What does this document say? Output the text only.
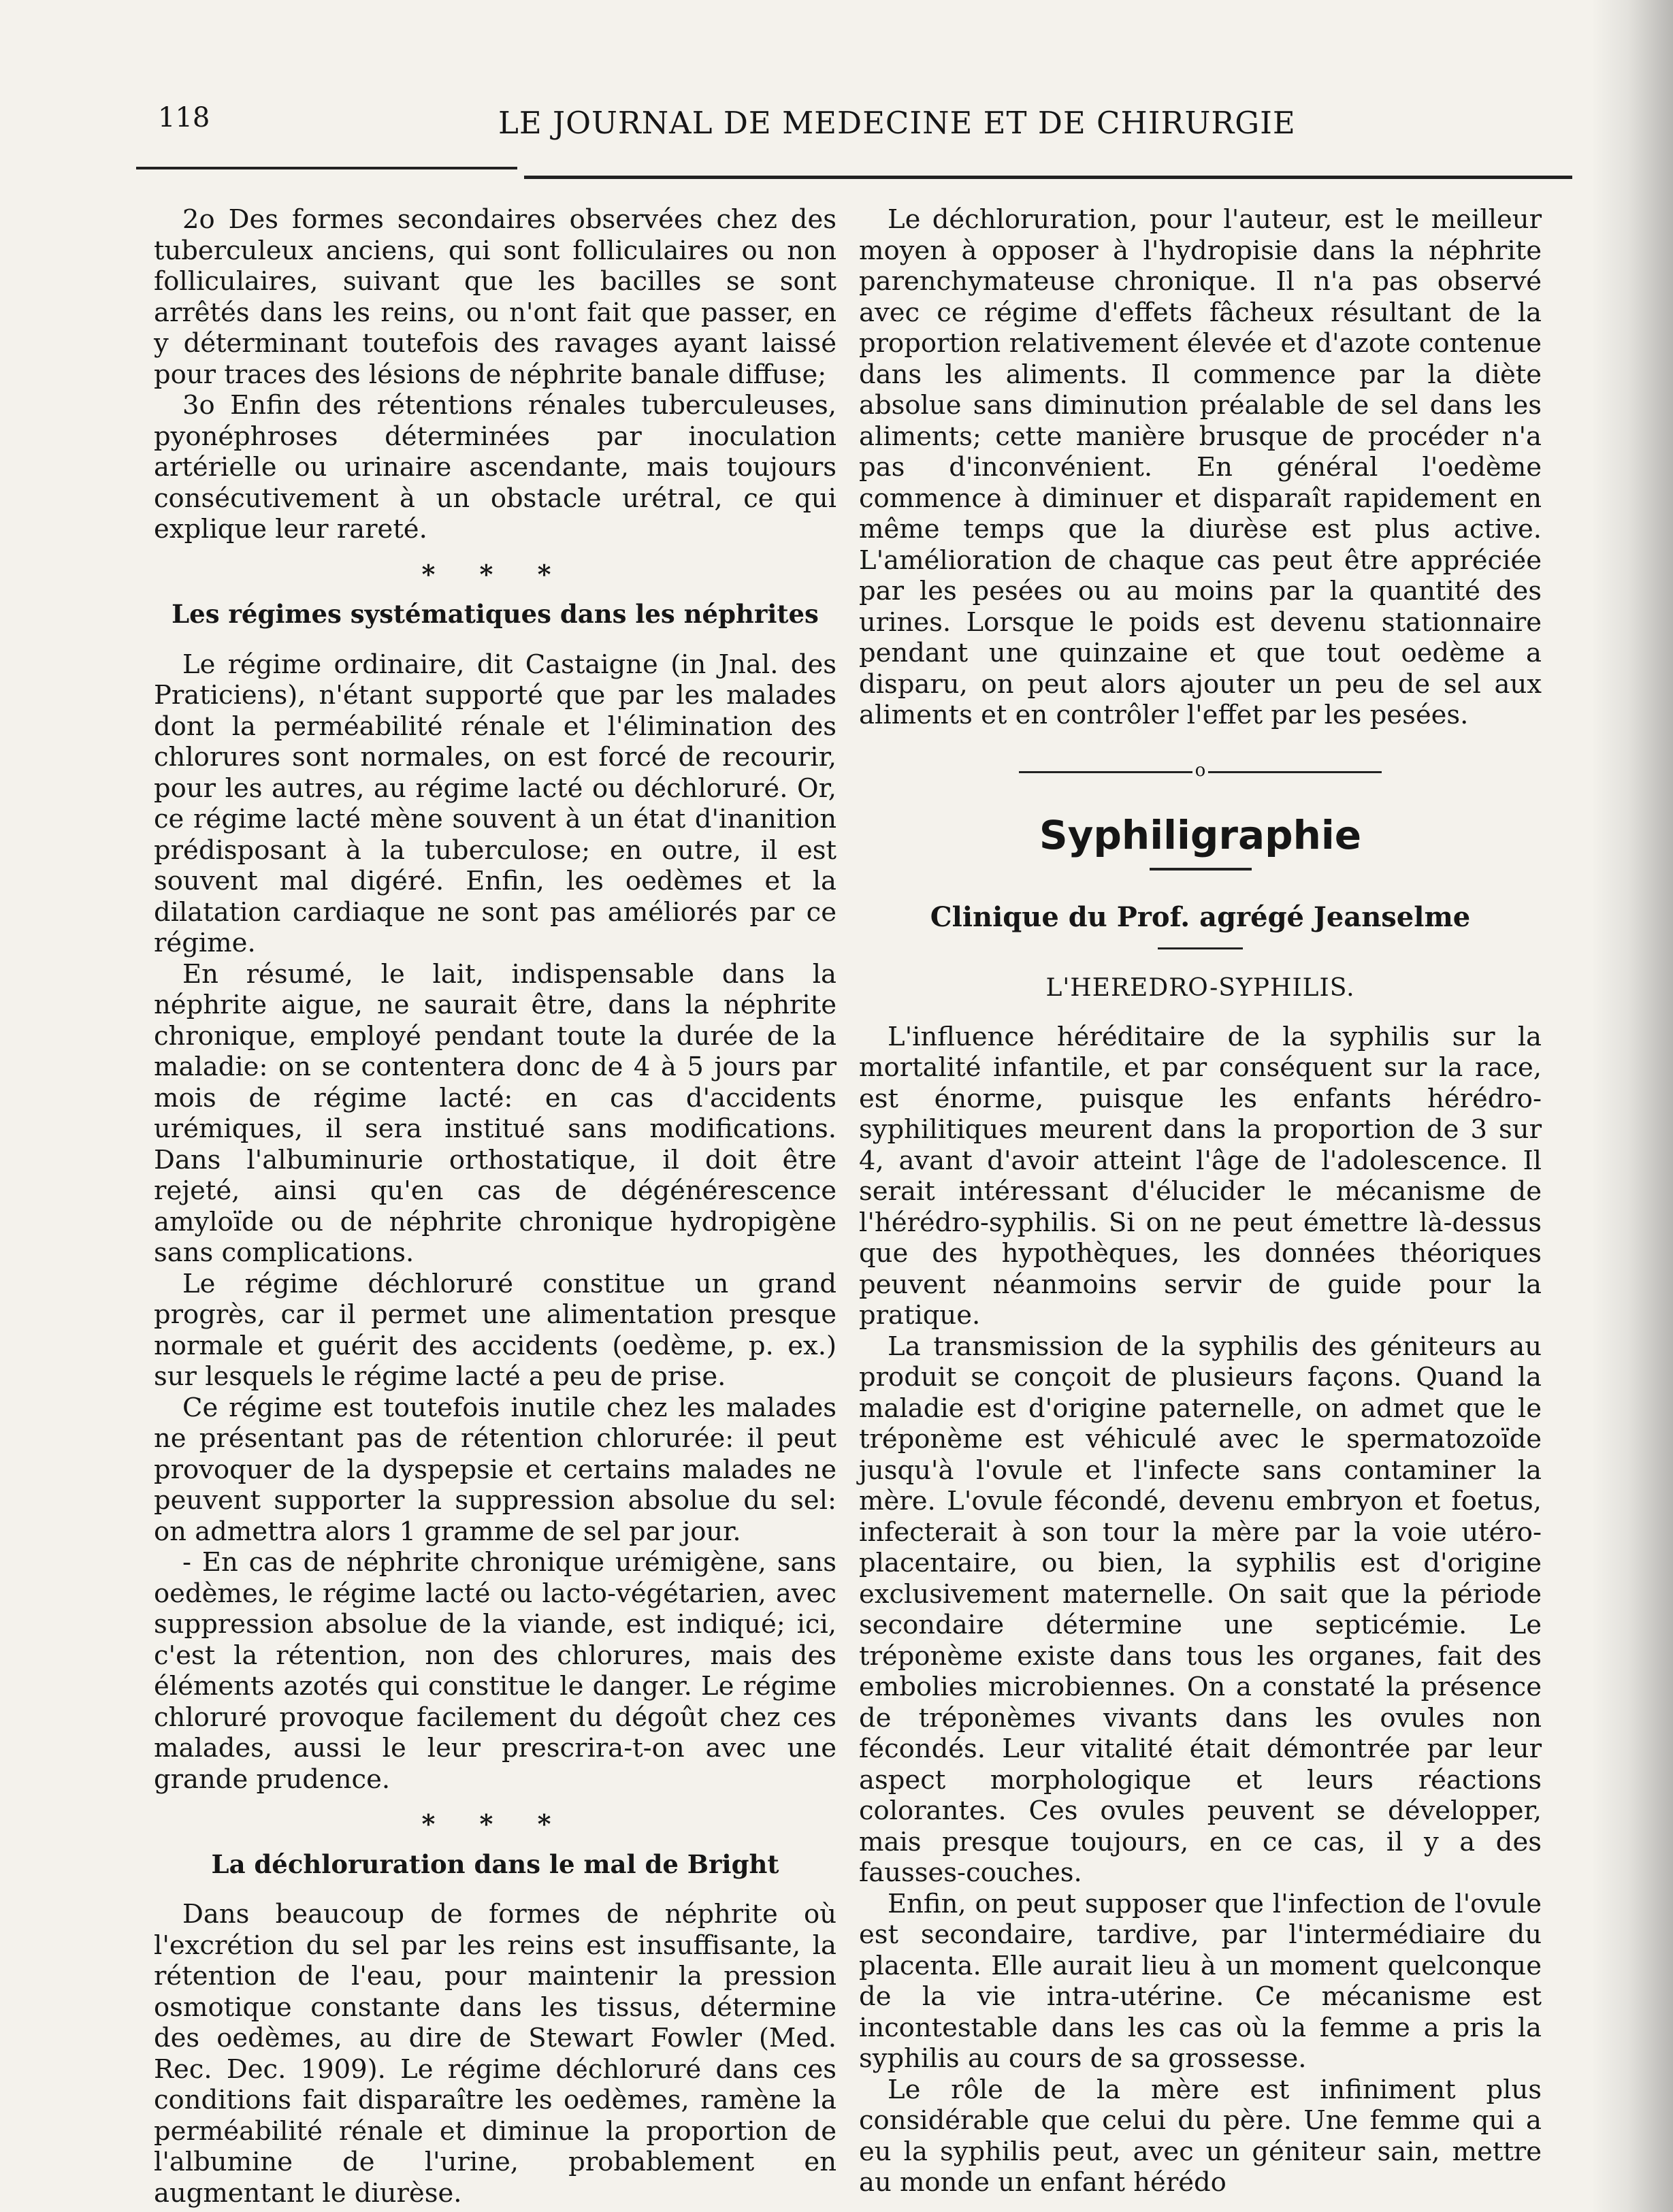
118	LE JOURNAL DE MEDECINE ET DE CHIRURGIE

2o Des formes secondaires observées chez des tuberculeux anciens, qui sont folliculaires ou non folliculaires, suivant que les bacilles se sont arrêtés dans les reins, ou n'ont fait que passer, en y déterminant toutefois des ravages ayant laissé pour traces des lésions de néphrite banale diffuse;

3o Enfin des rétentions rénales tuberculeuses, pyonéphroses déterminées par inoculation artérielle ou urinaire ascendante, mais toujours consécutivement à un obstacle urétral, ce qui explique leur rareté.

* * *
Les régimes systématiques dans les néphrites

Le régime ordinaire, dit Castaigne (in Jnal. des Praticiens), n'étant supporté que par les malades dont la perméabilité rénale et l'élimination des chlorures sont normales, on est forcé de recourir, pour les autres, au régime lacté ou déchloruré. Or, ce régime lacté mène souvent à un état d'inanition prédisposant à la tuberculose; en outre, il est souvent mal digéré. Enfin, les oedèmes et la dilatation cardiaque ne sont pas améliorés par ce régime.

En résumé, le lait, indispensable dans la néphrite aigue, ne saurait être, dans la néphrite chronique, employé pendant toute la durée de la maladie: on se contentera donc de 4 à 5 jours par mois de régime lacté: en cas d'accidents urémiques, il sera institué sans modifications. Dans l'albuminurie orthostatique, il doit être rejeté, ainsi qu'en cas de dégénérescence amyloïde ou de néphrite chronique hydropigène sans complications.

Le régime déchloruré constitue un grand progrès, car il permet une alimentation presque normale et guérit des accidents (oedème, p. ex.) sur lesquels le régime lacté a peu de prise.

Ce régime est toutefois inutile chez les malades ne présentant pas de rétention chlorurée: il peut provoquer de la dyspepsie et certains malades ne peuvent supporter la suppression absolue du sel: on admettra alors 1 gramme de sel par jour.

- En cas de néphrite chronique urémigène, sans oedèmes, le régime lacté ou lacto-végétarien, avec suppression absolue de la viande, est indiqué; ici, c'est la rétention, non des chlorures, mais des éléments azotés qui constitue le danger. Le régime chloruré provoque facilement du dégoût chez ces malades, aussi le leur prescrira-t-on avec une grande prudence.

* * *
La déchloruration dans le mal de Bright

Dans beaucoup de formes de néphrite où l'excrétion du sel par les reins est insuffisante, la rétention de l'eau, pour maintenir la pression osmotique constante dans les tissus, détermine des oedèmes, au dire de Stewart Fowler (Med. Rec. Dec. 1909). Le régime déchloruré dans ces conditions fait disparaître les oedèmes, ramène la perméabilité rénale et diminue la proportion de l'albumine de l'urine, probablement en augmentant le diurèse.

Le déchloruration, pour l'auteur, est le meilleur moyen à opposer à l'hydropisie dans la néphrite parenchymateuse chronique. Il n'a pas observé avec ce régime d'effets fâcheux résultant de la proportion relativement élevée et d'azote contenue dans les aliments. Il commence par la diète absolue sans diminution préalable de sel dans les aliments; cette manière brusque de procéder n'a pas d'inconvénient. En général l'oedème commence à diminuer et disparaît rapidement en même temps que la diurèse est plus active. L'amélioration de chaque cas peut être appréciée par les pesées ou au moins par la quantité des urines. Lorsque le poids est devenu stationnaire pendant une quinzaine et que tout oedème a disparu, on peut alors ajouter un peu de sel aux aliments et en contrôler l'effet par les pesées.

o
Syphiligraphie
Clinique du Prof. agrégé Jeanselme
L'HEREDRO-SYPHILIS.

L'influence héréditaire de la syphilis sur la mortalité infantile, et par conséquent sur la race, est énorme, puisque les enfants hérédro-syphilitiques meurent dans la proportion de 3 sur 4, avant d'avoir atteint l'âge de l'adolescence. Il serait intéressant d'élucider le mécanisme de l'hérédro-syphilis. Si on ne peut émettre là-dessus que des hypothèques, les données théoriques peuvent néanmoins servir de guide pour la pratique.

La transmission de la syphilis des géniteurs au produit se conçoit de plusieurs façons. Quand la maladie est d'origine paternelle, on admet que le tréponème est véhiculé avec le spermatozoïde jusqu'à l'ovule et l'infecte sans contaminer la mère. L'ovule fécondé, devenu embryon et foetus, infecterait à son tour la mère par la voie utéro-placentaire, ou bien, la syphilis est d'origine exclusivement maternelle. On sait que la période secondaire détermine une septicémie. Le tréponème existe dans tous les organes, fait des embolies microbiennes. On a constaté la présence de tréponèmes vivants dans les ovules non fécondés. Leur vitalité était démontrée par leur aspect morphologique et leurs réactions colorantes. Ces ovules peuvent se développer, mais presque toujours, en ce cas, il y a des fausses-couches.

Enfin, on peut supposer que l'infection de l'ovule est secondaire, tardive, par l'intermédiaire du placenta. Elle aurait lieu à un moment quelconque de la vie intra-utérine. Ce mécanisme est incontestable dans les cas où la femme a pris la syphilis au cours de sa grossesse.

Le rôle de la mère est infiniment plus considérable que celui du père. Une femme qui a eu la syphilis peut, avec un géniteur sain, mettre au monde un enfant hérédo
